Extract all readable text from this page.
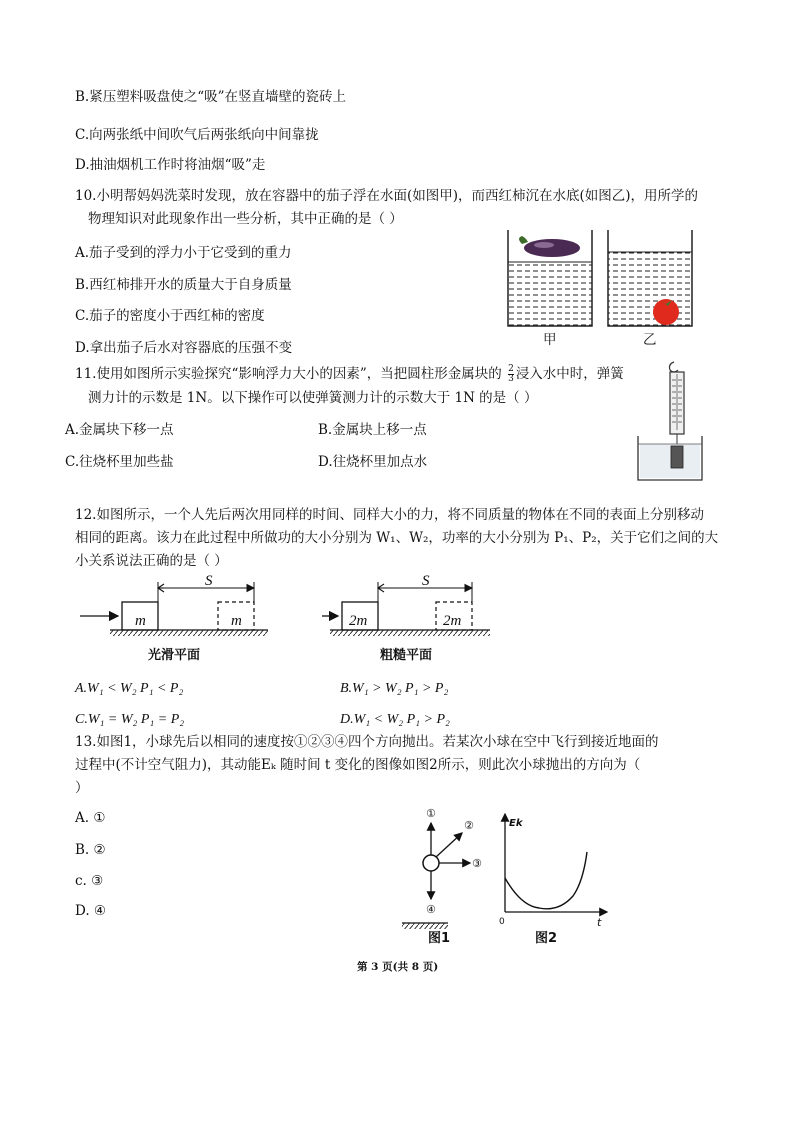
B.紧压塑料吸盘使之“吸”在竖直墙壁的瓷砖上
C.向两张纸中间吹气后两张纸向中间靠拢
D.抽油烟机工作时将油烟“吸”走
10.小明帮妈妈洗菜时发现，放在容器中的茄子浮在水面(如图甲)，而西红柿沉在水底(如图乙)，用所学的
物理知识对此现象作出一些分析，其中正确的是（ ）
A.茄子受到的浮力小于它受到的重力
B.西红柿排开水的质量大于自身质量
C.茄子的密度小于西红柿的密度
D.拿出茄子后水对容器底的压强不变	甲	乙
11.使用如图所示实验探究“影响浮力大小的因素”，当把圆柱形金属块的 $\frac{2}{3}$ 浸入水中时，弹簧
测力计的示数是 1N。以下操作可以使弹簧测力计的示数大于 1N 的是（ ）
A.金属块下移一点	B.金属块上移一点
C.往烧杯里加些盐	D.往烧杯里加点水
12.如图所示，一个人先后两次用同样的时间、同样大小的力，将不同质量的物体在不同的表面上分别移动
相同的距离。该力在此过程中所做功的大小分别为 W₁、W₂，功率的大小分别为 P₁、P₂，关于它们之间的大
小关系说法正确的是（ ）
S	S
m	m	2m	2m
光滑平面	粗糙平面
A.W₁ < W₂ P₁ < P₂	B.W₁ > W₂ P₁ > P₂
C.W₁ = W₂ P₁ = P₂	D.W₁ < W₂ P₁ > P₂
13.如图1，小球先后以相同的速度按①②③④四个方向抛出。若某次小球在空中飞行到接近地面的
过程中(不计空气阻力)，其动能Eₖ 随时间 t 变化的图像如图2所示，则此次小球抛出的方向为（
）
A. ①
B. ②
c. ③
D. ④
①
②
③
④
图1
Ek
t
0
图2
第 3 页(共 8 页)
